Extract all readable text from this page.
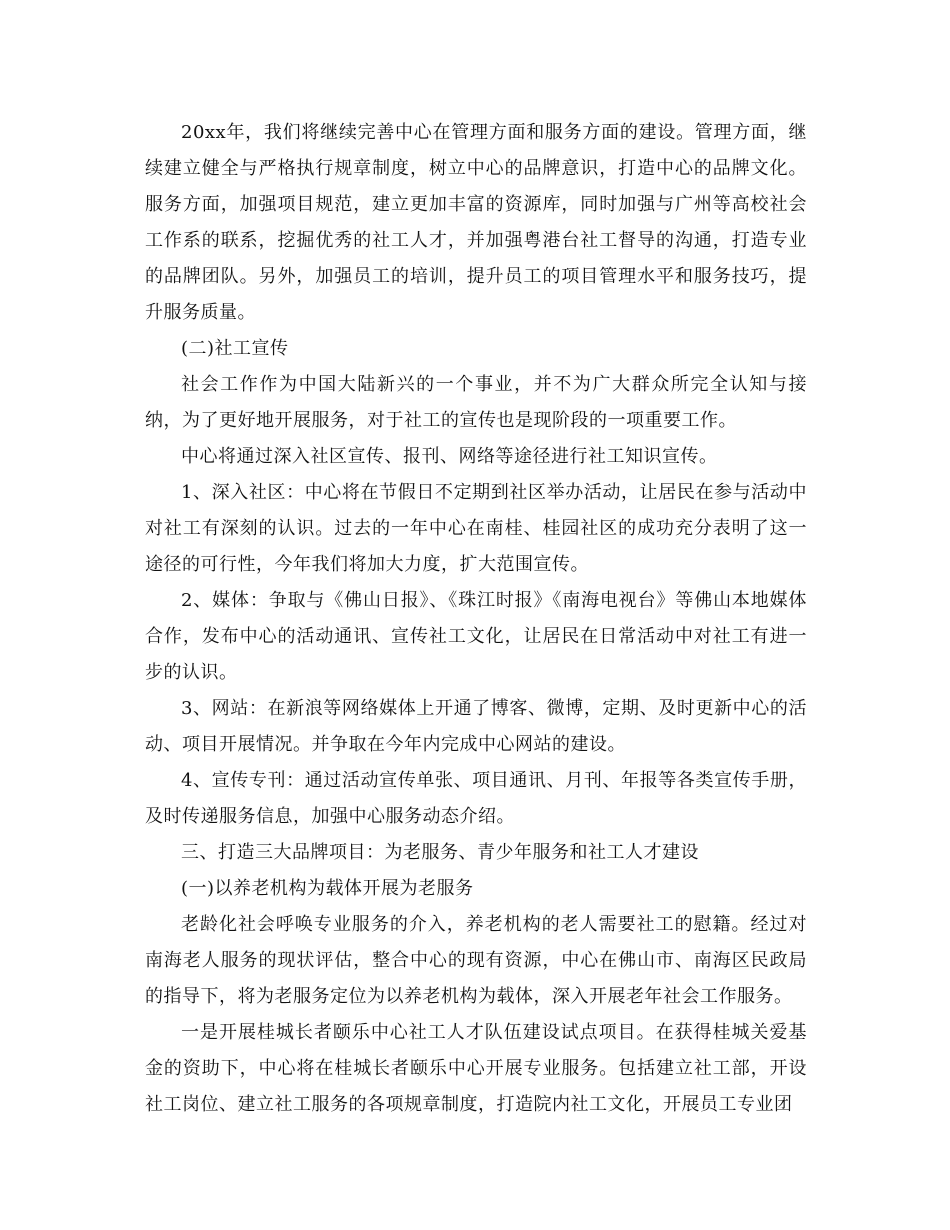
20xx年，我们将继续完善中心在管理方面和服务方面的建设。管理方面，继续建立健全与严格执行规章制度，树立中心的品牌意识，打造中心的品牌文化。服务方面，加强项目规范，建立更加丰富的资源库，同时加强与广州等高校社会工作系的联系，挖掘优秀的社工人才，并加强粤港台社工督导的沟通，打造专业的品牌团队。另外，加强员工的培训，提升员工的项目管理水平和服务技巧，提升服务质量。

(二)社工宣传

社会工作作为中国大陆新兴的一个事业，并不为广大群众所完全认知与接纳，为了更好地开展服务，对于社工的宣传也是现阶段的一项重要工作。

中心将通过深入社区宣传、报刊、网络等途径进行社工知识宣传。

1、深入社区：中心将在节假日不定期到社区举办活动，让居民在参与活动中对社工有深刻的认识。过去的一年中心在南桂、桂园社区的成功充分表明了这一途径的可行性，今年我们将加大力度，扩大范围宣传。

2、媒体：争取与《佛山日报》、《珠江时报》《南海电视台》等佛山本地媒体合作，发布中心的活动通讯、宣传社工文化，让居民在日常活动中对社工有进一步的认识。

3、网站：在新浪等网络媒体上开通了博客、微博，定期、及时更新中心的活动、项目开展情况。并争取在今年内完成中心网站的建设。

4、宣传专刊：通过活动宣传单张、项目通讯、月刊、年报等各类宣传手册，及时传递服务信息，加强中心服务动态介绍。

三、打造三大品牌项目：为老服务、青少年服务和社工人才建设

(一)以养老机构为载体开展为老服务

老龄化社会呼唤专业服务的介入，养老机构的老人需要社工的慰籍。经过对南海老人服务的现状评估，整合中心的现有资源，中心在佛山市、南海区民政局的指导下，将为老服务定位为以养老机构为载体，深入开展老年社会工作服务。

一是开展桂城长者颐乐中心社工人才队伍建设试点项目。在获得桂城关爱基金的资助下，中心将在桂城长者颐乐中心开展专业服务。包括建立社工部，开设社工岗位、建立社工服务的各项规章制度，打造院内社工文化，开展员工专业团
